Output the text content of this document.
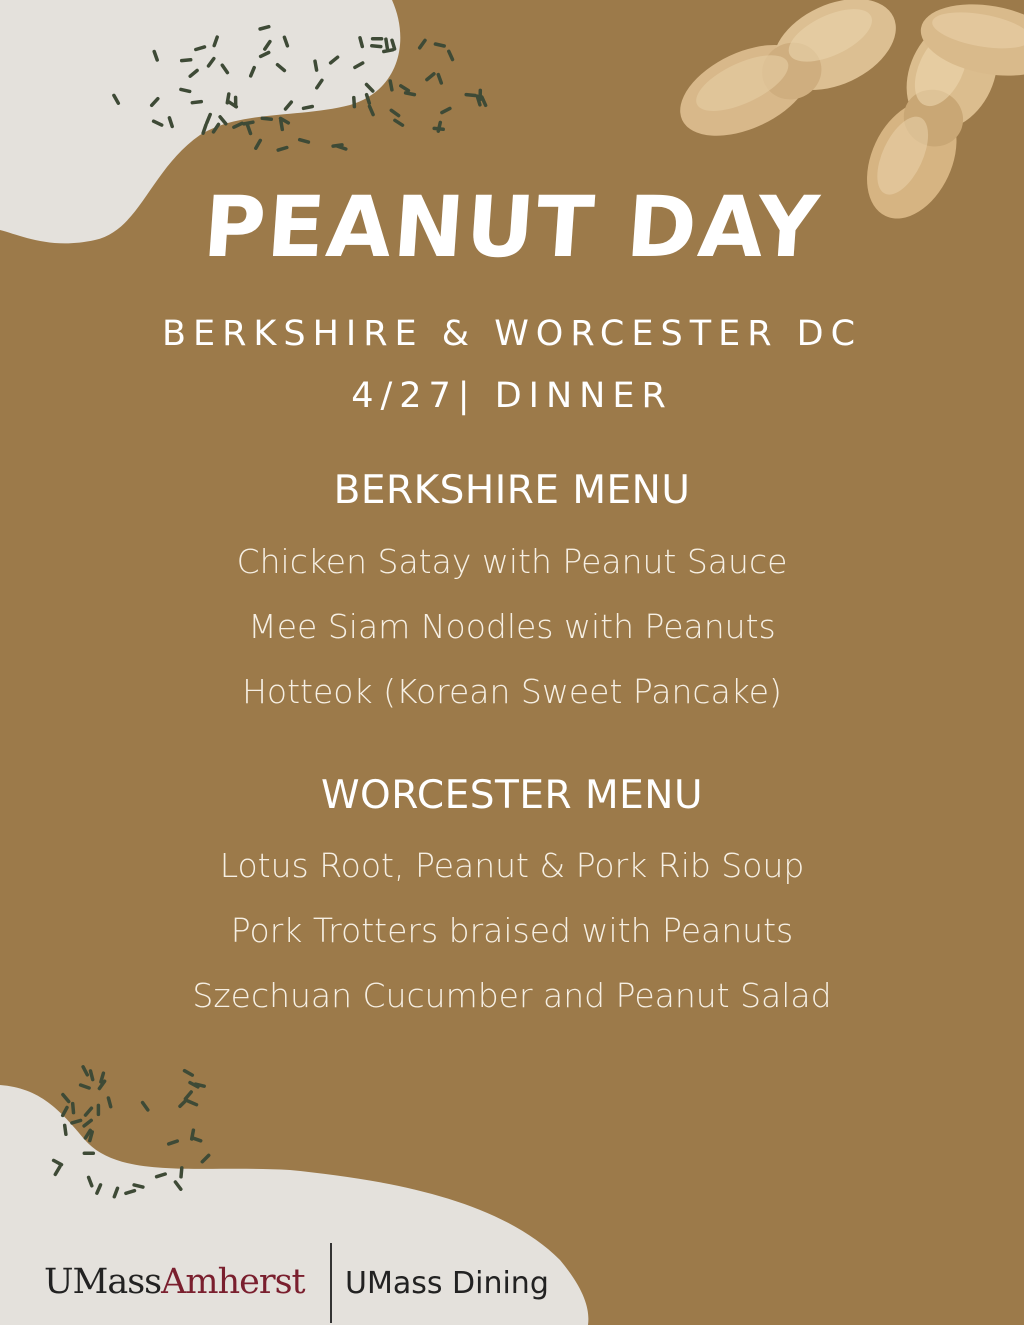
PEANUT DAY
BERKSHIRE & WORCESTER DC
4/27| DINNER
BERKSHIRE MENU
Chicken Satay with Peanut Sauce
Mee Siam Noodles with Peanuts
Hotteok (Korean Sweet Pancake)
WORCESTER MENU
Lotus Root, Peanut & Pork Rib Soup
Pork Trotters braised with Peanuts
Szechuan Cucumber and Peanut Salad
UMassAmherst UMass Dining
